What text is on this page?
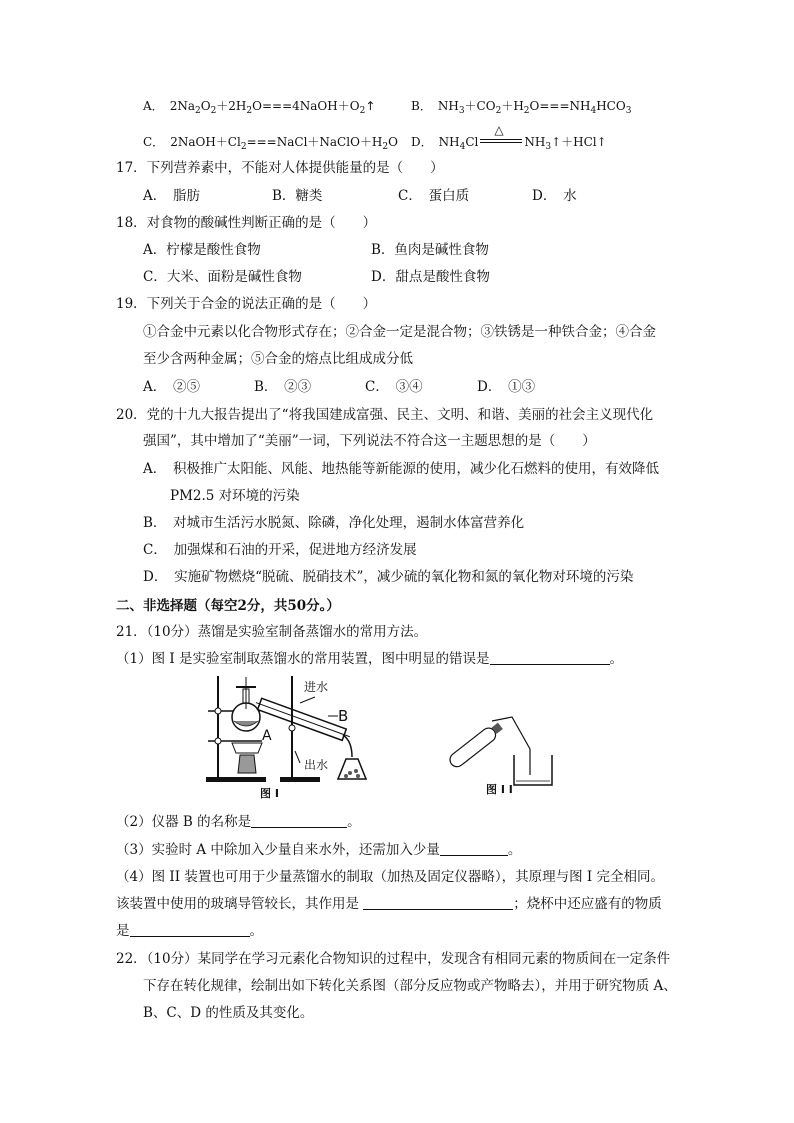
A．　 $2Na_2O_2+2H_2O===4NaOH+O_2↑$	B．　 $NH_3+CO_2+H_2O===NH_4HCO_3$
C．　 $2NaOH+Cl_2===NaCl+NaClO+H_2O$ D．　 $NH_4Cl$
△
$NH_3↑+HCl↑$
17．下列营养素中，不能对人体提供能量的是（　　）
A．　脂肪	B．糖类	C．　蛋白质	D．　水
18．对食物的酸碱性判断正确的是（　　）
A．柠檬是酸性食物	B．鱼肉是碱性食物
C．大米、面粉是碱性食物	D．甜点是酸性食物
19．下列关于合金的说法正确的是（　　）
①合金中元素以化合物形式存在；②合金一定是混合物；③铁锈是一种铁合金；④合金
至少含两种金属；⑤合金的熔点比组成成分低
A．　②⑤	B．　②③	C．　③④	D．　①③
20．党的十九大报告提出了“将我国建成富强、民主、文明、和谐、美丽的社会主义现代化
强国”，其中增加了“美丽”一词，下列说法不符合这一主题思想的是（　　）
A．　积极推广太阳能、风能、地热能等新能源的使用，减少化石燃料的使用，有效降低
PM2.5 对环境的污染
B．　对城市生活污水脱氮、除磷，净化处理，遏制水体富营养化
C．　加强煤和石油的开采，促进地方经济发展
D．　实施矿物燃烧“脱硫、脱硝技术”，减少硫的氧化物和氮的氧化物对环境的污染
二、非选择题（每空2分，共50分。）
21．（10分）蒸馏是实验室制备蒸馏水的常用方法。
（1）图 I 是实验室制取蒸馏水的常用装置，图中明显的错误是	。
A
进水
B
出水
图 I	图 I I
（2）仪器 B 的名称是	。
（3）实验时 A 中除加入少量自来水外，还需加入少量	。
（4）图 II 装置也可用于少量蒸馏水的制取（加热及固定仪器略），其原理与图 I 完全相同。
该装置中使用的玻璃导管较长，其作用是	；烧杯中还应盛有的物质
是	。
22．（10分）某同学在学习元素化合物知识的过程中，发现含有相同元素的物质间在一定条件
下存在转化规律，绘制出如下转化关系图（部分反应物或产物略去），并用于研究物质 A、
B、C、D 的性质及其变化。
